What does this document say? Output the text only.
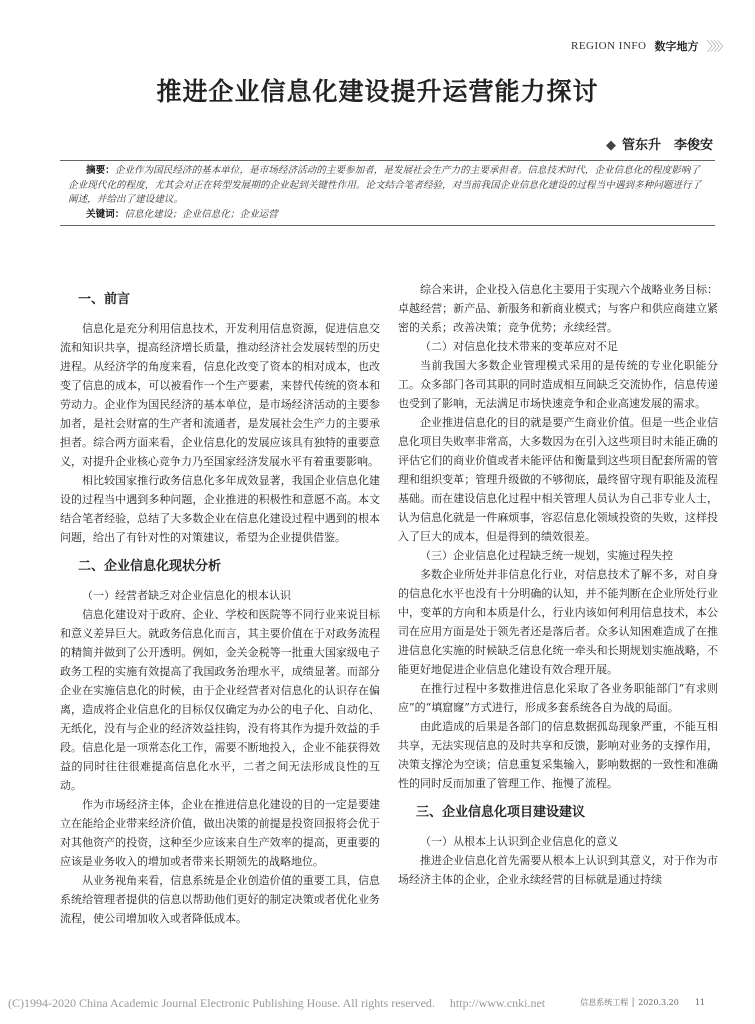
REGION INFO 数字地方 〉〉〉〉
推进企业信息化建设提升运营能力探讨
◆ 管东升　李俊安
摘要：企业作为国民经济的基本单位，是市场经济活动的主要参加者，是发展社会生产力的主要承担者。信息技术时代，企业信息化的程度影响了企业现代化的程度，尤其会对正在转型发展期的企业起到关键性作用。论文结合笔者经验，对当前我国企业信息化建设的过程当中遇到多种问题进行了阐述，并给出了建设建议。
关键词：信息化建设；企业信息化；企业运营
一、前言

信息化是充分利用信息技术，开发利用信息资源，促进信息交流和知识共享，提高经济增长质量，推动经济社会发展转型的历史进程。从经济学的角度来看，信息化改变了资本的相对成本，也改变了信息的成本，可以被看作一个生产要素，来替代传统的资本和劳动力。企业作为国民经济的基本单位，是市场经济活动的主要参加者，是社会财富的生产者和流通者，是发展社会生产力的主要承担者。综合两方面来看，企业信息化的发展应该具有独特的重要意义，对提升企业核心竞争力乃至国家经济发展水平有着重要影响。

相比较国家推行政务信息化多年成效显著，我国企业信息化建设的过程当中遇到多种问题，企业推进的积极性和意愿不高。本文结合笔者经验，总结了大多数企业在信息化建设过程中遇到的根本问题，给出了有针对性的对策建议，希望为企业提供借鉴。

二、企业信息化现状分析
（一）经营者缺乏对企业信息化的根本认识

信息化建设对于政府、企业、学校和医院等不同行业来说目标和意义差异巨大。就政务信息化而言，其主要价值在于对政务流程的精简并做到了公开透明。例如，金关金税等一批重大国家级电子政务工程的实施有效提高了我国政务治理水平，成绩显著。而部分企业在实施信息化的时候，由于企业经营者对信息化的认识存在偏离，造成将企业信息化的目标仅仅确定为办公的电子化、自动化、无纸化，没有与企业的经济效益挂钩，没有将其作为提升效益的手段。信息化是一项常态化工作，需要不断地投入，企业不能获得效益的同时往往很难提高信息化水平，二者之间无法形成良性的互动。

作为市场经济主体，企业在推进信息化建设的目的一定是要建立在能给企业带来经济价值，做出决策的前提是投资回报将会优于对其他资产的投资，这种至少应该来自生产效率的提高，更重要的应该是业务收入的增加或者带来长期领先的战略地位。

从业务视角来看，信息系统是企业创造价值的重要工具，信息系统给管理者提供的信息以帮助他们更好的制定决策或者优化业务流程，使公司增加收入或者降低成本。

综合来讲，企业投入信息化主要用于实现六个战略业务目标：卓越经营；新产品、新服务和新商业模式；与客户和供应商建立紧密的关系；改善决策；竞争优势；永续经营。

（二）对信息化技术带来的变革应对不足

当前我国大多数企业管理模式采用的是传统的专业化职能分工。众多部门各司其职的同时造成相互间缺乏交流协作，信息传递也受到了影响，无法满足市场快速竞争和企业高速发展的需求。

企业推进信息化的目的就是要产生商业价值。但是一些企业信息化项目失败率非常高，大多数因为在引入这些项目时未能正确的评估它们的商业价值或者未能评估和衡量到这些项目配套所需的管理和组织变革；管理升级做的不够彻底，最终留守现有职能及流程基础。而在建设信息化过程中相关管理人员认为自己非专业人士，认为信息化就是一件麻烦事，容忍信息化领域投资的失败，这样投入了巨大的成本，但是得到的绩效很差。

（三）企业信息化过程缺乏统一规划，实施过程失控

多数企业所处并非信息化行业，对信息技术了解不多，对自身的信息化水平也没有十分明确的认知，并不能判断在企业所处行业中，变革的方向和本质是什么，行业内该如何利用信息技术，本公司在应用方面是处于领先者还是落后者。众多认知困难造成了在推进信息化实施的时候缺乏信息化统一牵头和长期规划实施战略，不能更好地促进企业信息化建设有效合理开展。

在推行过程中多数推进信息化采取了各业务职能部门“有求则应”的“填窟窿”方式进行，形成多套系统各自为战的局面。

由此造成的后果是各部门的信息数据孤岛现象严重，不能互相共享，无法实现信息的及时共享和反馈，影响对业务的支撑作用，决策支撑沦为空谈；信息重复采集输入，影响数据的一致性和准确性的同时反而加重了管理工作、拖慢了流程。

三、企业信息化项目建设建议
（一）从根本上认识到企业信息化的意义

推进企业信息化首先需要从根本上认识到其意义，对于作为市场经济主体的企业，企业永续经营的目标就是通过持续

(C)1994-2020 China Academic Journal Electronic Publishing House. All rights reserved.　 http://www.cnki.net	信息系统工程 │ 2020.3.20　　11
